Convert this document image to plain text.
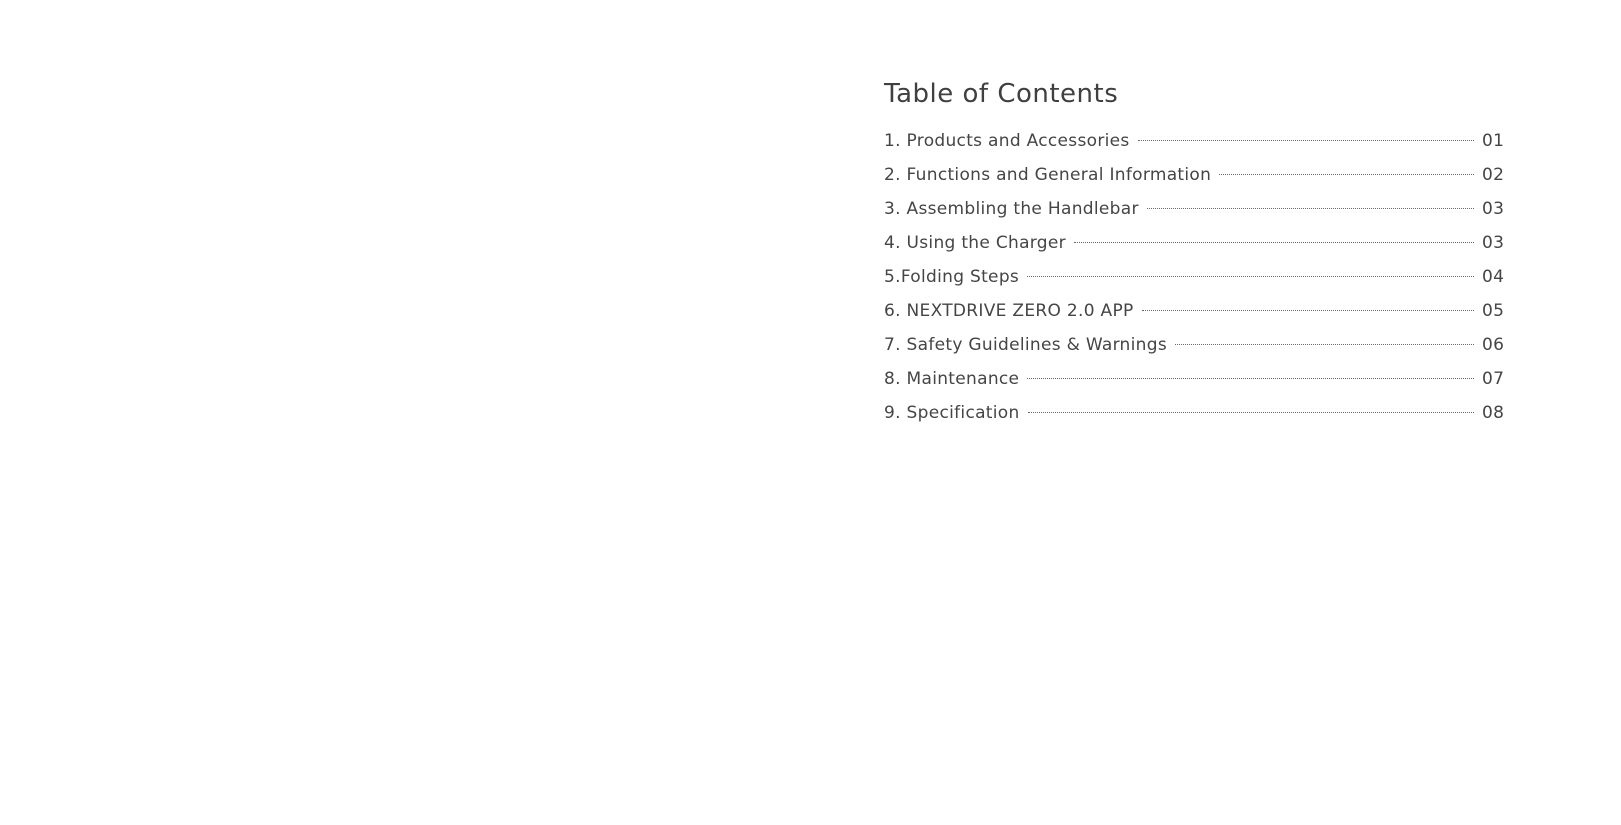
Table of Contents
1. Products and Accessories	01
2. Functions and General Information	02
3. Assembling the Handlebar	03
4. Using the Charger	03
5.Folding Steps	04
6. NEXTDRIVE ZERO 2.0 APP	05
7. Safety Guidelines & Warnings	06
8. Maintenance	07
9. Specification	08
